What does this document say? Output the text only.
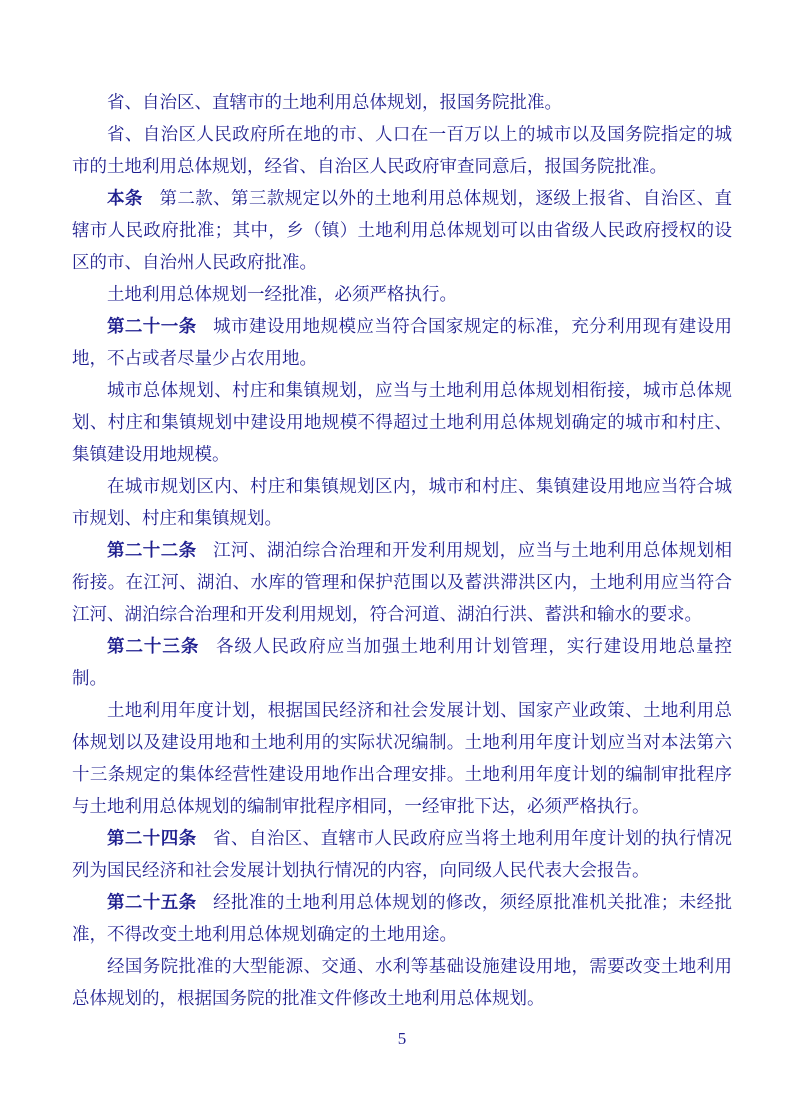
省、自治区、直辖市的土地利用总体规划，报国务院批准。

省、自治区人民政府所在地的市、人口在一百万以上的城市以及国务院指定的城市的土地利用总体规划，经省、自治区人民政府审查同意后，报国务院批准。

本条 第二款、第三款规定以外的土地利用总体规划，逐级上报省、自治区、直辖市人民政府批准；其中，乡（镇）土地利用总体规划可以由省级人民政府授权的设区的市、自治州人民政府批准。

土地利用总体规划一经批准，必须严格执行。

第二十一条 城市建设用地规模应当符合国家规定的标准，充分利用现有建设用地，不占或者尽量少占农用地。

城市总体规划、村庄和集镇规划，应当与土地利用总体规划相衔接，城市总体规划、村庄和集镇规划中建设用地规模不得超过土地利用总体规划确定的城市和村庄、集镇建设用地规模。

在城市规划区内、村庄和集镇规划区内，城市和村庄、集镇建设用地应当符合城市规划、村庄和集镇规划。

第二十二条 江河、湖泊综合治理和开发利用规划，应当与土地利用总体规划相衔接。在江河、湖泊、水库的管理和保护范围以及蓄洪滞洪区内，土地利用应当符合江河、湖泊综合治理和开发利用规划，符合河道、湖泊行洪、蓄洪和输水的要求。

第二十三条 各级人民政府应当加强土地利用计划管理，实行建设用地总量控制。

土地利用年度计划，根据国民经济和社会发展计划、国家产业政策、土地利用总体规划以及建设用地和土地利用的实际状况编制。土地利用年度计划应当对本法第六十三条规定的集体经营性建设用地作出合理安排。土地利用年度计划的编制审批程序与土地利用总体规划的编制审批程序相同，一经审批下达，必须严格执行。

第二十四条 省、自治区、直辖市人民政府应当将土地利用年度计划的执行情况列为国民经济和社会发展计划执行情况的内容，向同级人民代表大会报告。

第二十五条 经批准的土地利用总体规划的修改，须经原批准机关批准；未经批准，不得改变土地利用总体规划确定的土地用途。

经国务院批准的大型能源、交通、水利等基础设施建设用地，需要改变土地利用总体规划的，根据国务院的批准文件修改土地利用总体规划。

5
